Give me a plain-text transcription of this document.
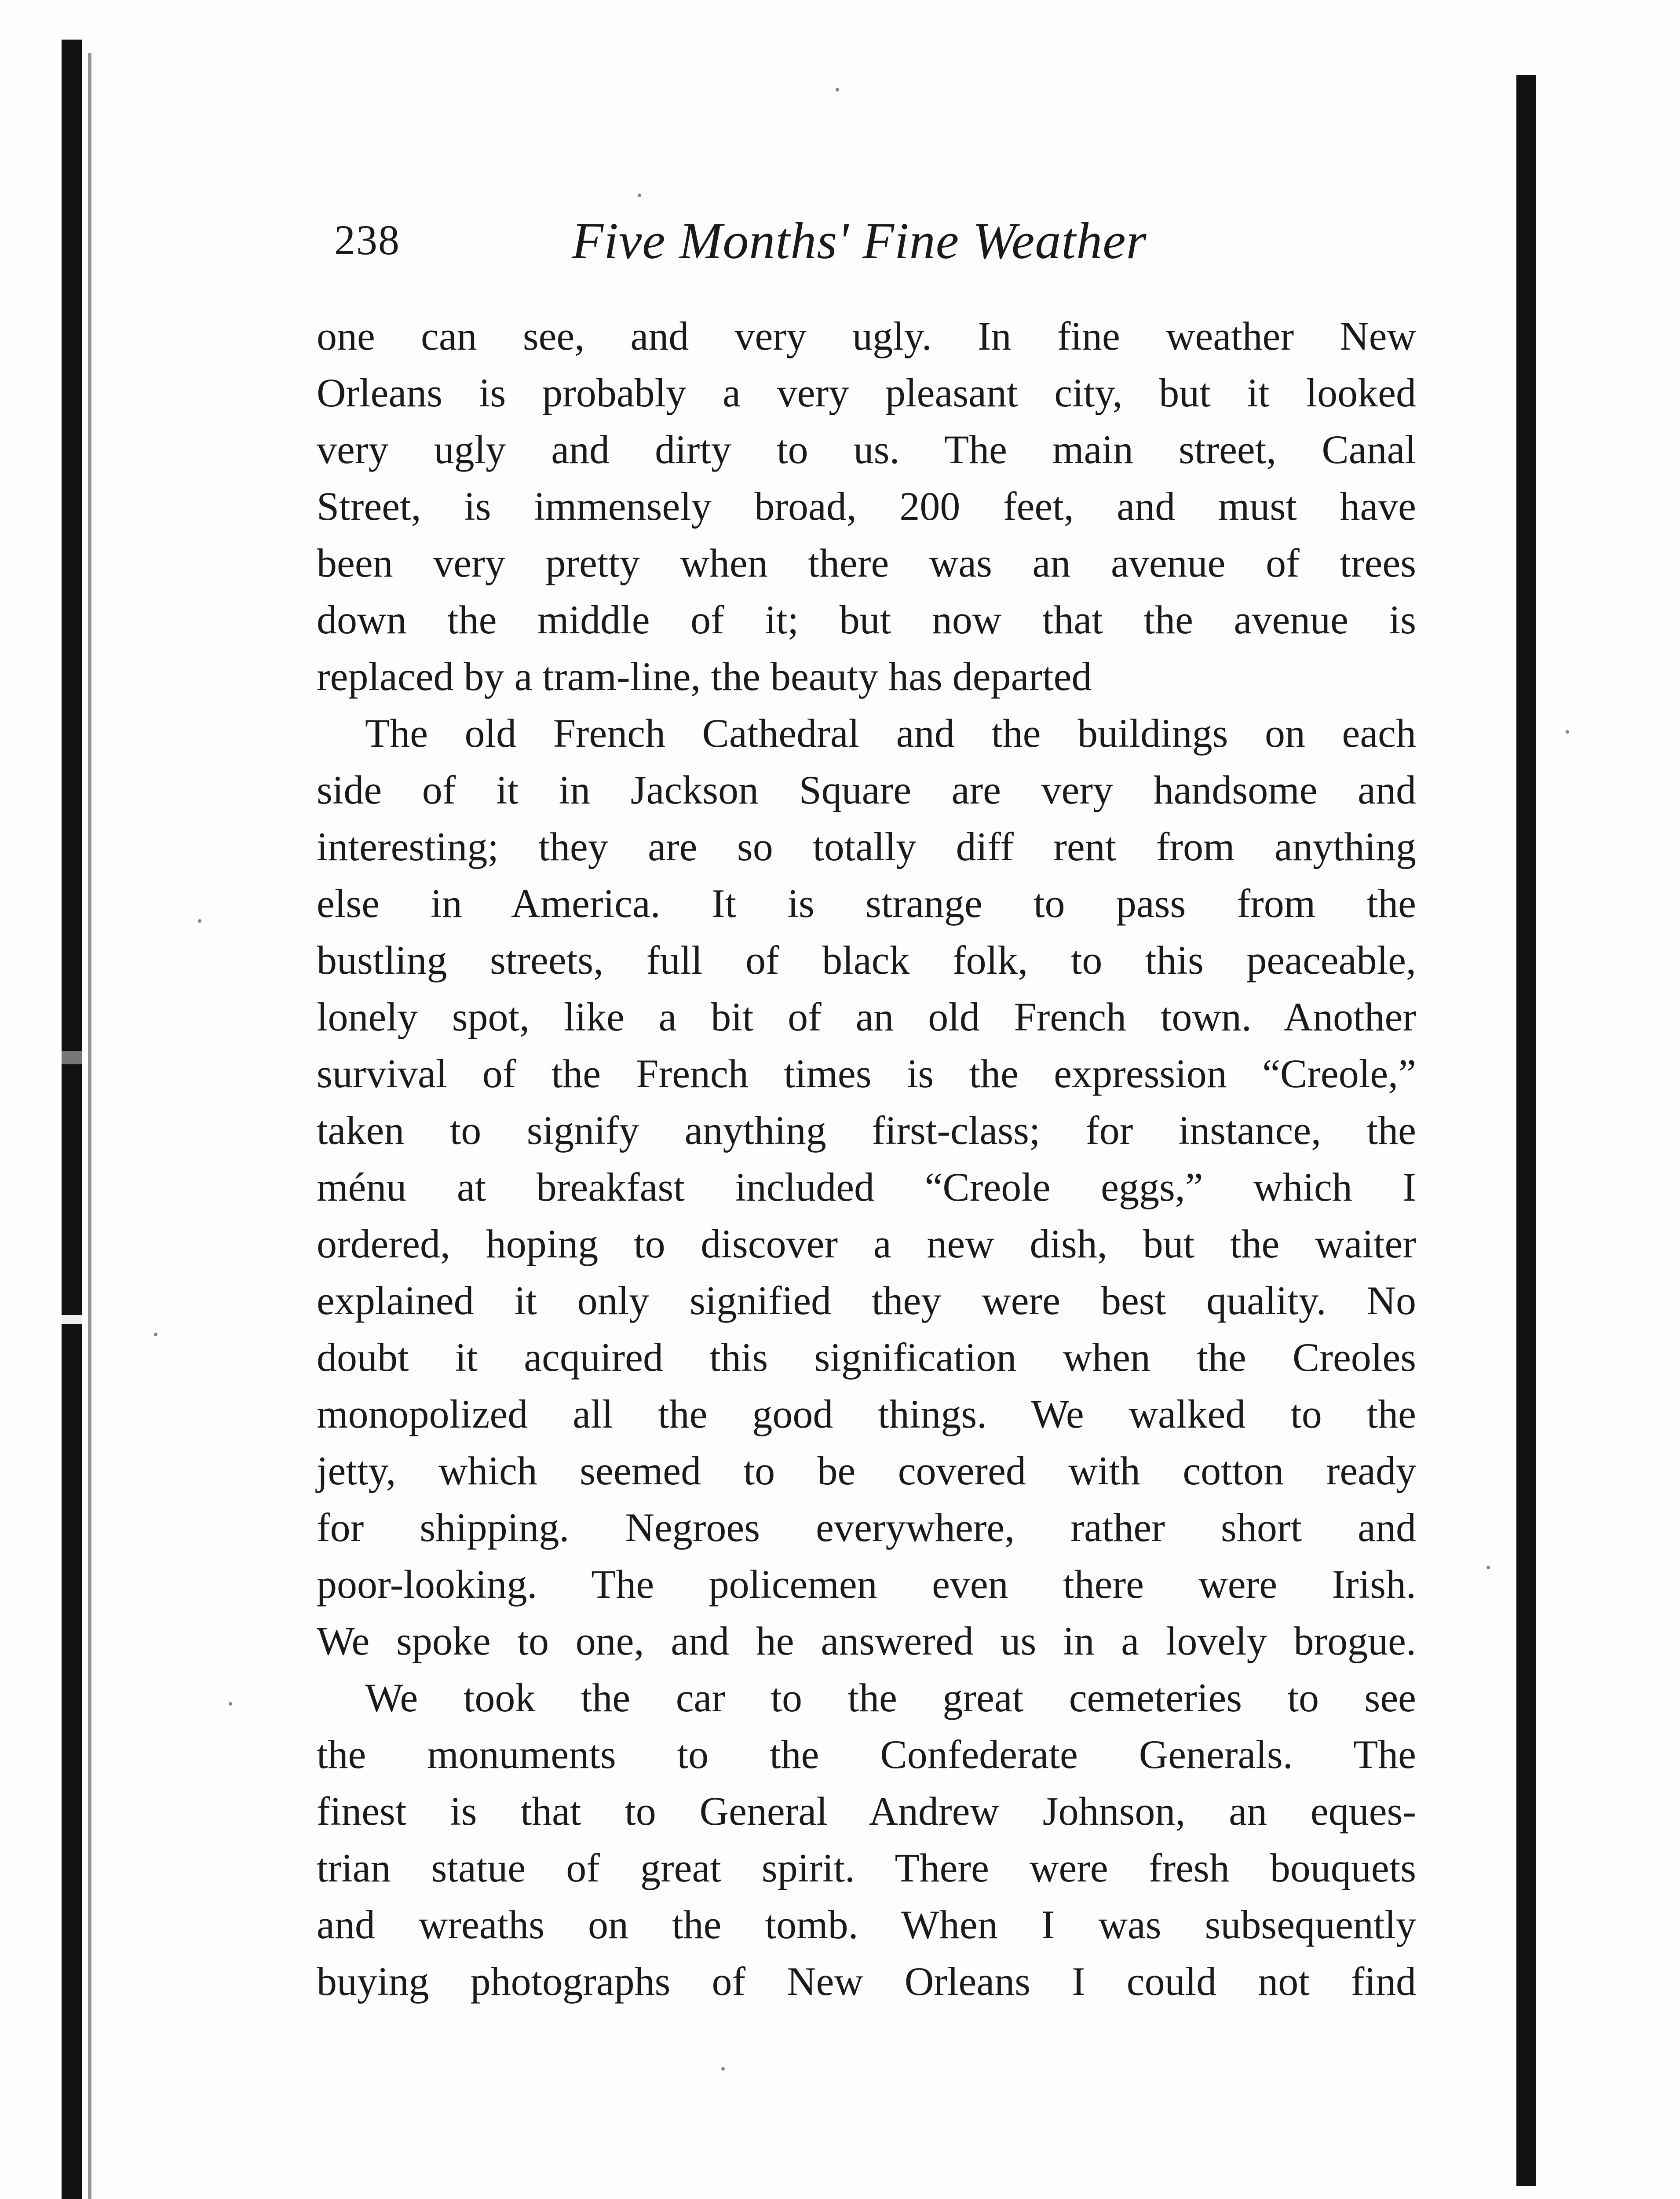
238	Five Months' Fine Weather
one can see, and very ugly. In fine weather New
Orleans is probably a very pleasant city, but it looked
very ugly and dirty to us. The main street, Canal
Street, is immensely broad, 200 feet, and must have
been very pretty when there was an avenue of trees
down the middle of it; but now that the avenue is
replaced by a tram-line, the beauty has departed
The old French Cathedral and the buildings on each
side of it in Jackson Square are very handsome and
interesting; they are so totally diff rent from anything
else in America. It is strange to pass from the
bustling streets, full of black folk, to this peaceable,
lonely spot, like a bit of an old French town. Another
survival of the French times is the expression “Creole,”
taken to signify anything first-class; for instance, the
ménu at breakfast included “Creole eggs,” which I
ordered, hoping to discover a new dish, but the waiter
explained it only signified they were best quality. No
doubt it acquired this signification when the Creoles
monopolized all the good things. We walked to the
jetty, which seemed to be covered with cotton ready
for shipping. Negroes everywhere, rather short and
poor-looking. The policemen even there were Irish.
We spoke to one, and he answered us in a lovely brogue.
We took the car to the great cemeteries to see
the monuments to the Confederate Generals. The
finest is that to General Andrew Johnson, an eques-
trian statue of great spirit. There were fresh bouquets
and wreaths on the tomb. When I was subsequently
buying photographs of New Orleans I could not find
